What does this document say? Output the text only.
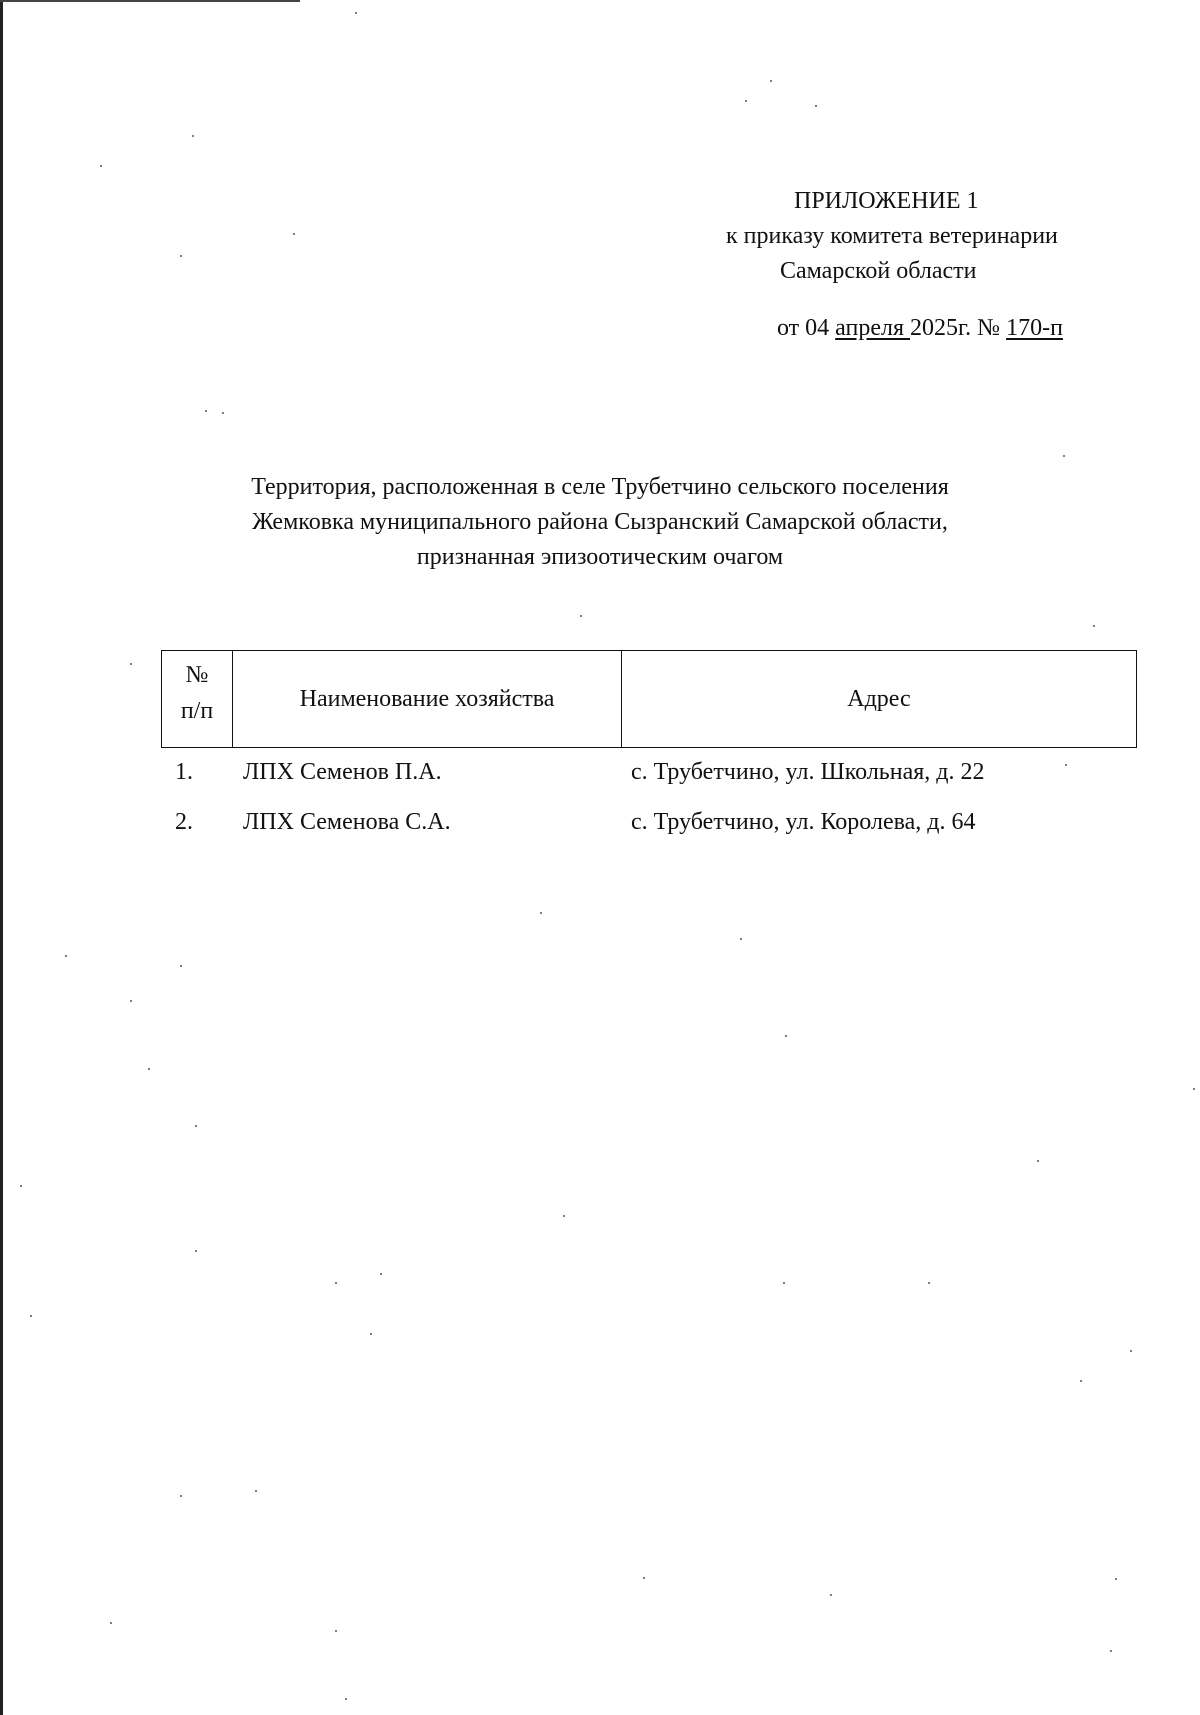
ПРИЛОЖЕНИЕ 1
к приказу комитета ветеринарии
Самарской области
от 04 апреля 2025г. № 170-п
Территория, расположенная в селе Трубетчино сельского поселения
Жемковка муниципального района Сызранский Самарской области,
признанная эпизоотическим очагом
№
п/п	Наименование хозяйства	Адрес
1. ЛПХ Семенов П.А.	с. Трубетчино, ул. Школьная, д. 22
2. ЛПХ Семенова С.А.	с. Трубетчино, ул. Королева, д. 64
